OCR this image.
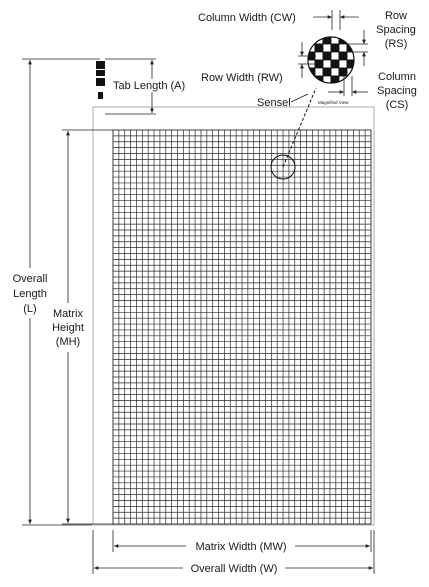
Magnified View
Column Width (CW)	Row
Spacing
(RS)
Row Width (RW)	Column
Spacing
(CS)
Sensel
Tab Length (A)
Overall
Length
(L) Matrix
Height
(MH)
Matrix Width (MW)
Overall Width (W)
